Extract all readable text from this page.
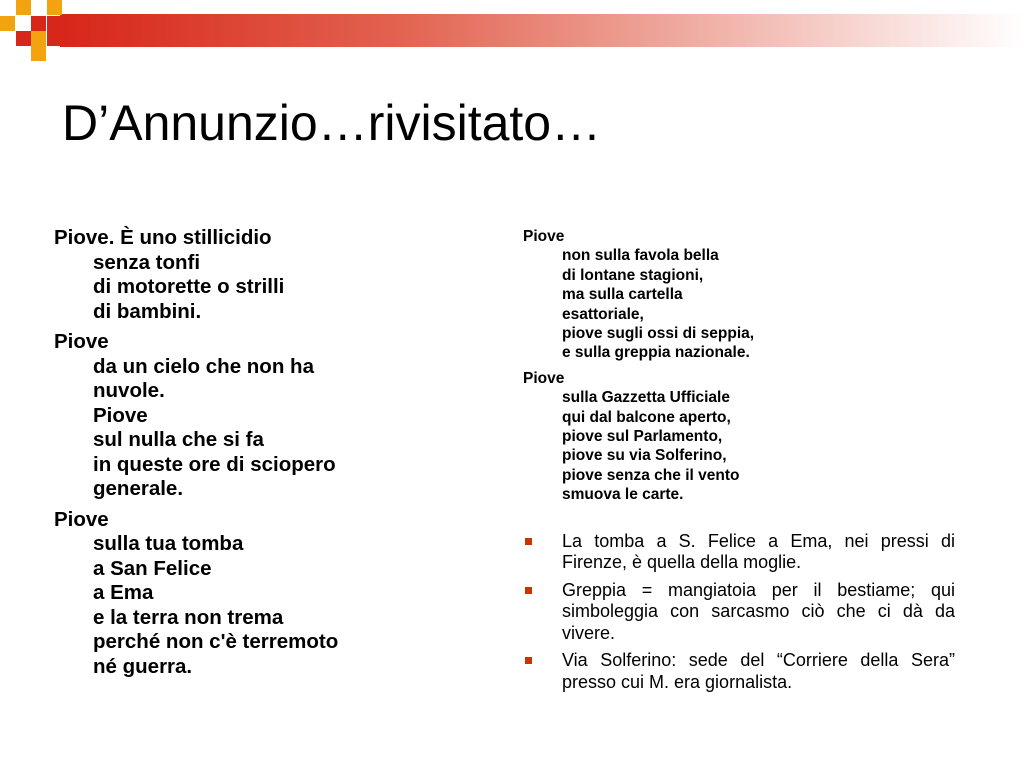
D’Annunzio…rivisitato…
Piove. È uno stillicidio
senza tonfi
di motorette o strilli
di bambini.
Piove
da un cielo che non ha
nuvole.
Piove
sul nulla che si fa
in queste ore di sciopero
generale.
Piove
sulla tua tomba
a San Felice
a Ema
e la terra non trema
perché non c'è terremoto
né guerra.
Piove
non sulla favola bella
di lontane stagioni,
ma sulla cartella
esattoriale,
piove sugli ossi di seppia,
e sulla greppia nazionale.
Piove
sulla Gazzetta Ufficiale
qui dal balcone aperto,
piove sul Parlamento,
piove su via Solferino,
piove senza che il vento
smuova le carte.
La tomba a S. Felice a Ema, nei pressi di Firenze, è quella della moglie.
Greppia = mangiatoia per il bestiame; qui simboleggia con sarcasmo ciò che ci dà da vivere.
Via Solferino: sede del “Corriere della Sera” presso cui M. era giornalista.
